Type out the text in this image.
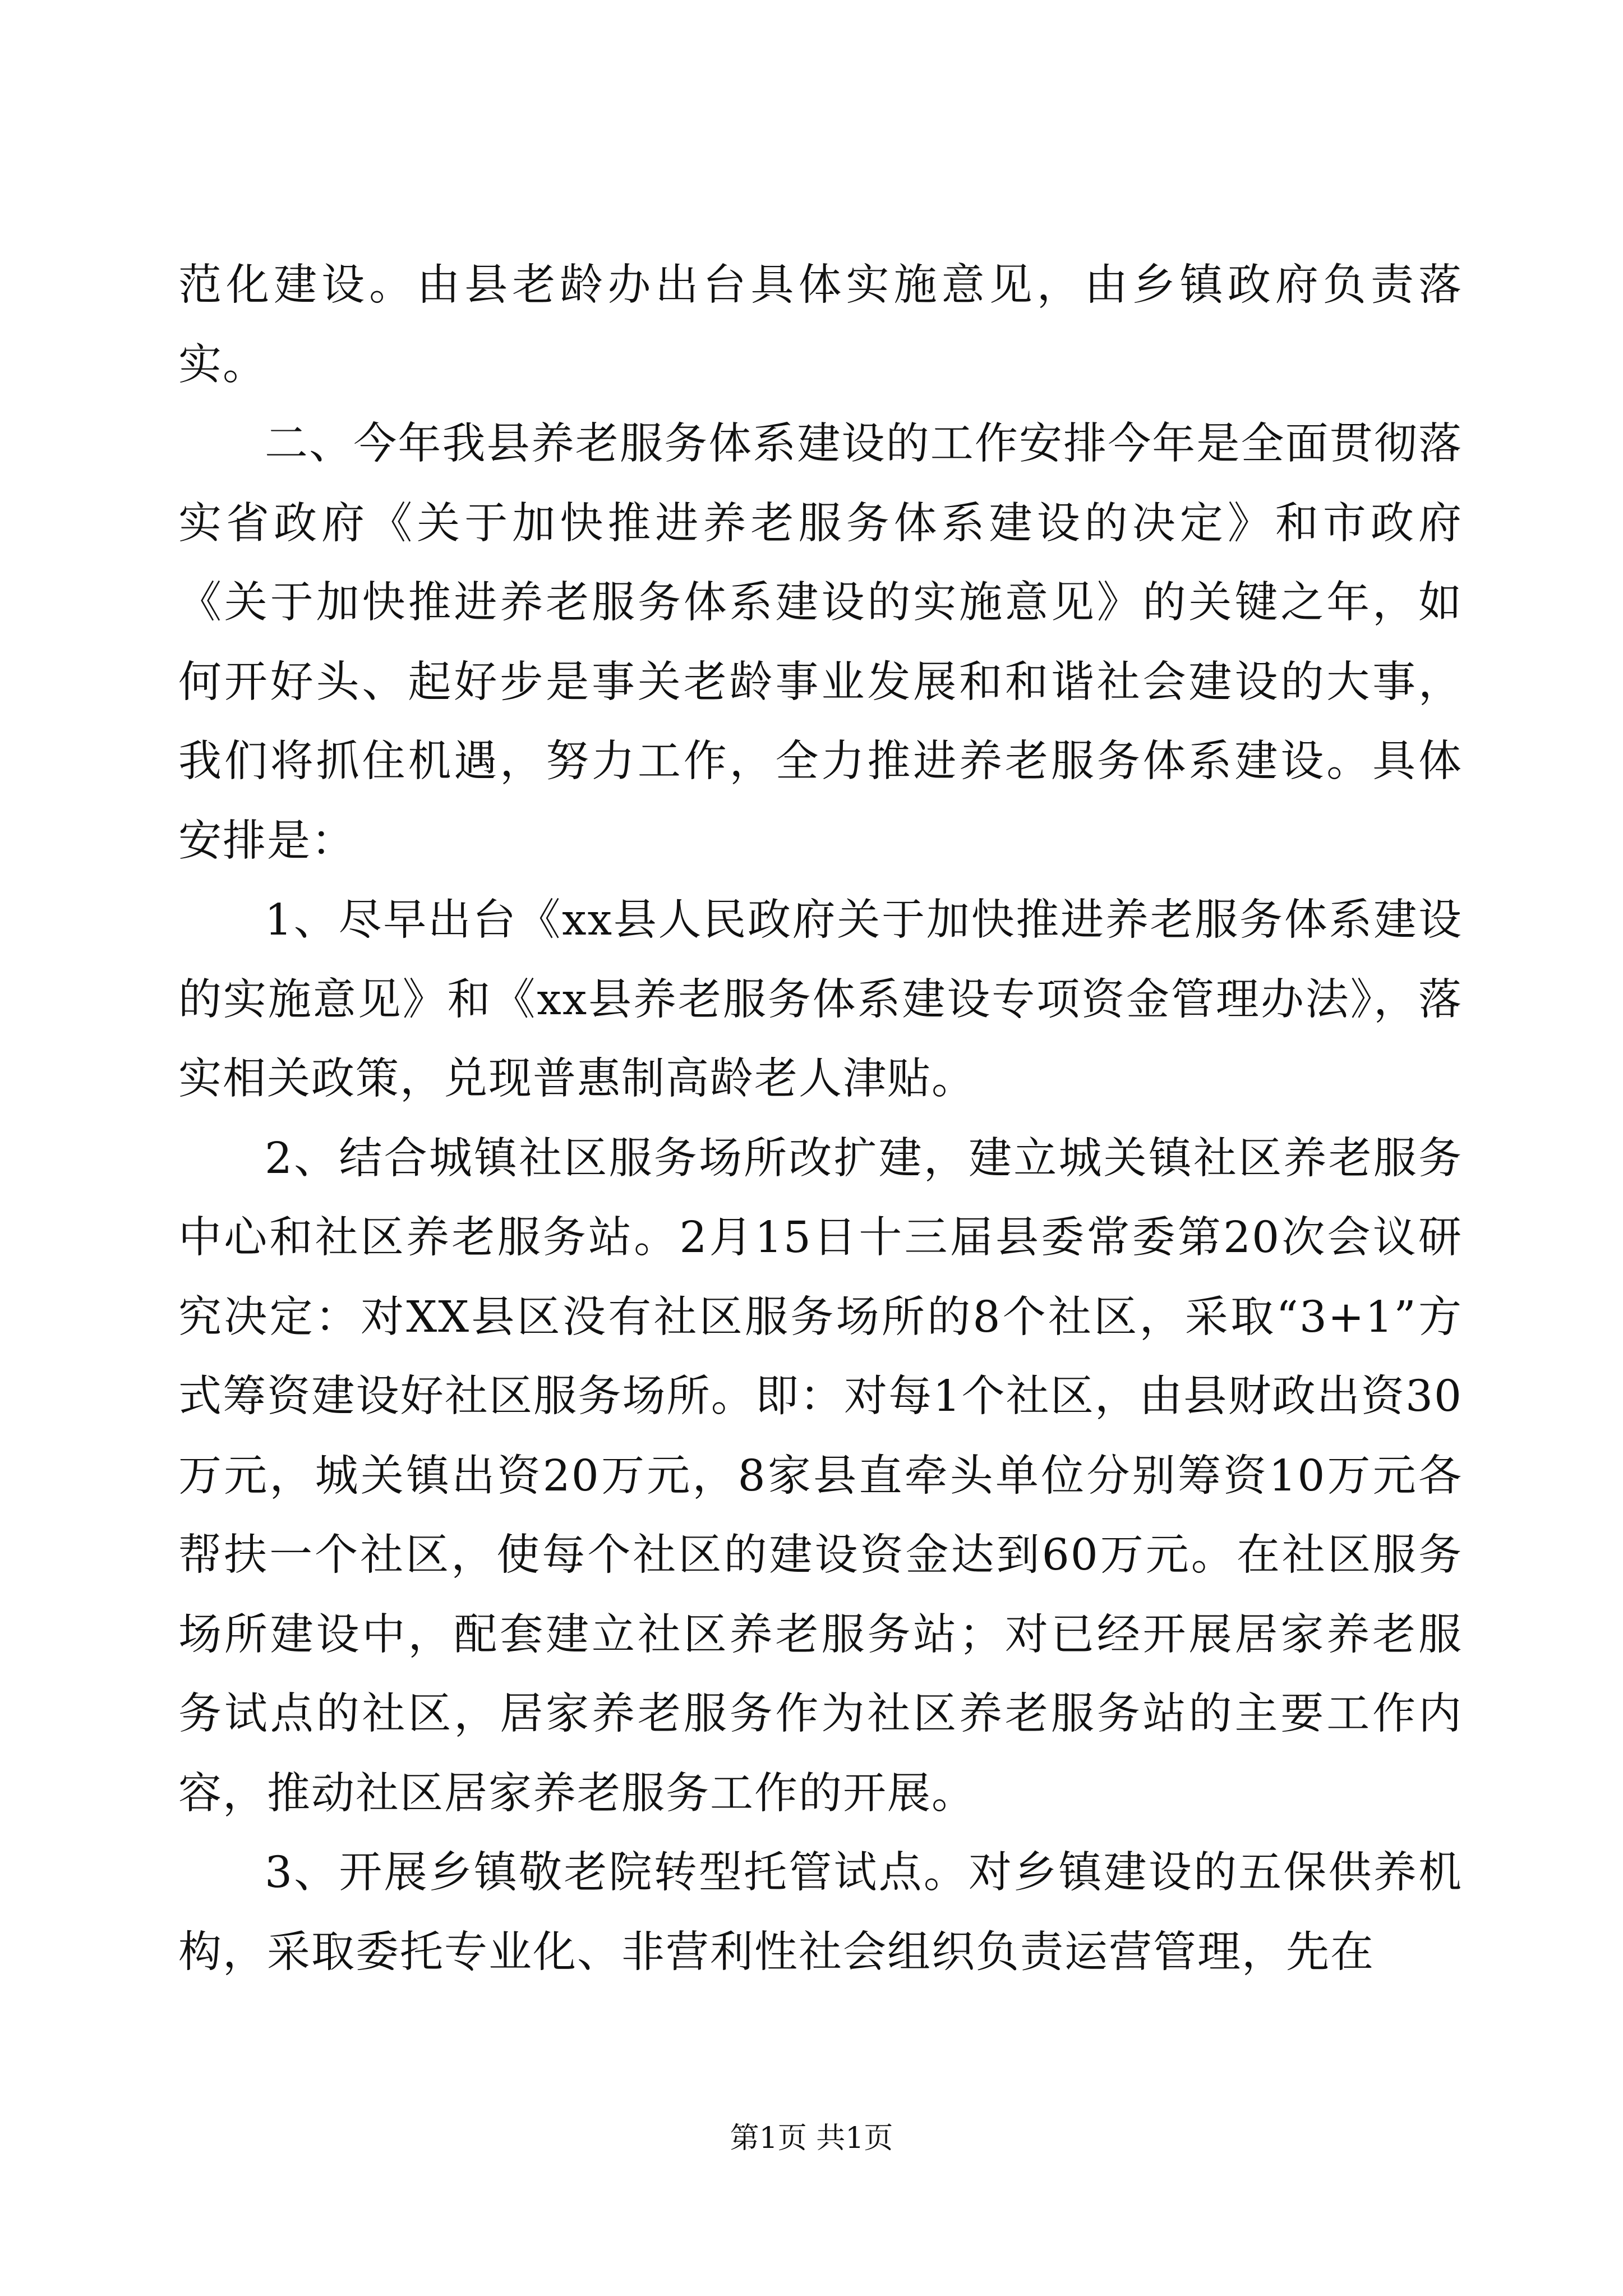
范化建设。由县老龄办出台具体实施意见，由乡镇政府负责落实。

二、今年我县养老服务体系建设的工作安排今年是全面贯彻落实省政府《关于加快推进养老服务体系建设的决定》和市政府《关于加快推进养老服务体系建设的实施意见》的关键之年，如何开好头、起好步是事关老龄事业发展和和谐社会建设的大事，我们将抓住机遇，努力工作，全力推进养老服务体系建设。具体安排是：

1、尽早出台《xx县人民政府关于加快推进养老服务体系建设的实施意见》和《xx县养老服务体系建设专项资金管理办法》，落实相关政策，兑现普惠制高龄老人津贴。

2、结合城镇社区服务场所改扩建，建立城关镇社区养老服务中心和社区养老服务站。2月15日十三届县委常委第20次会议研究决定：对XX县区没有社区服务场所的8个社区，采取“3+1”方式筹资建设好社区服务场所。即：对每1个社区，由县财政出资30万元，城关镇出资20万元，8家县直牵头单位分别筹资10万元各帮扶一个社区，使每个社区的建设资金达到60万元。在社区服务场所建设中，配套建立社区养老服务站；对已经开展居家养老服务试点的社区，居家养老服务作为社区养老服务站的主要工作内容，推动社区居家养老服务工作的开展。

3、开展乡镇敬老院转型托管试点。对乡镇建设的五保供养机构，采取委托专业化、非营利性社会组织负责运营管理，先在

第1页 共1页
